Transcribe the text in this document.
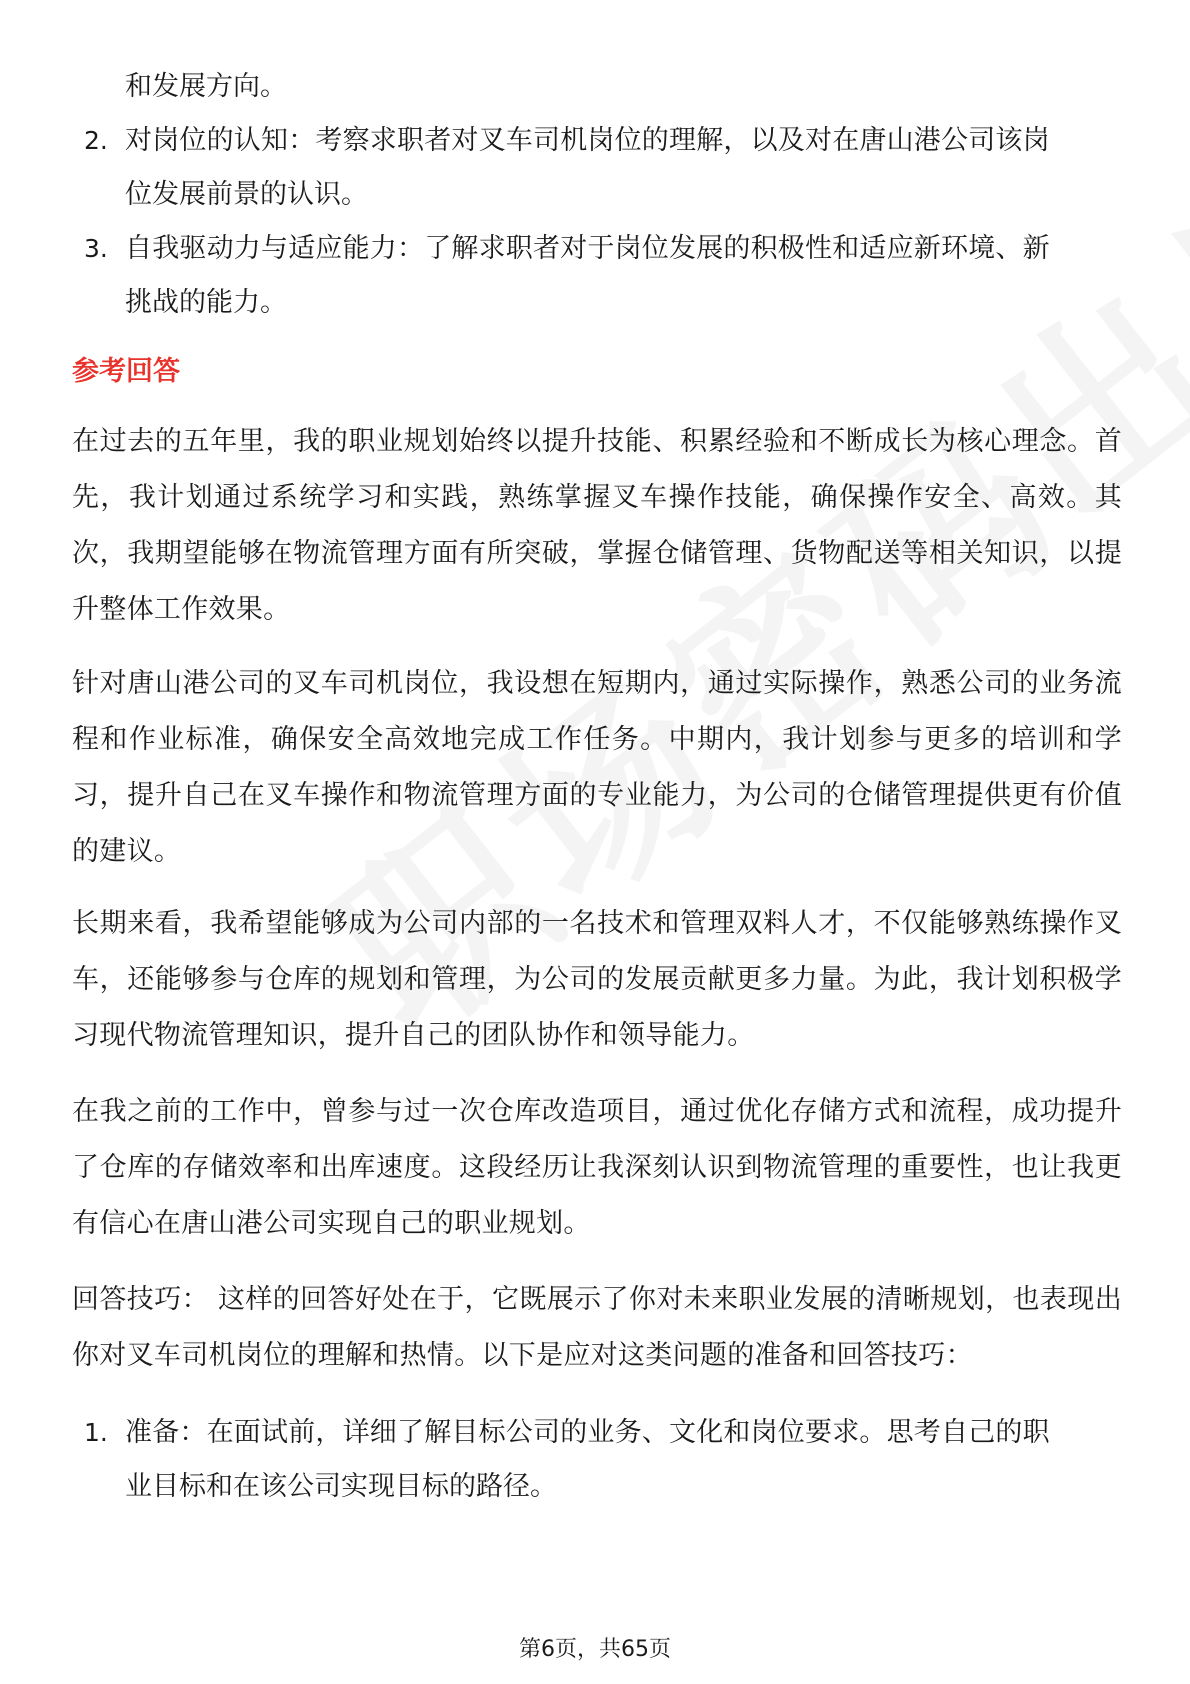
和发展方向。
2. 对岗位的认知：考察求职者对叉车司机岗位的理解，以及对在唐山港公司该岗
位发展前景的认识。
3. 自我驱动力与适应能力：了解求职者对于岗位发展的积极性和适应新环境、新
挑战的能力。
参考回答
在过去的五年里，我的职业规划始终以提升技能、积累经验和不断成长为核心理念。首先，我计划通过系统学习和实践，熟练掌握叉车操作技能，确保操作安全、高效。其次，我期望能够在物流管理方面有所突破，掌握仓储管理、货物配送等相关知识，以提升整体工作效果。
针对唐山港公司的叉车司机岗位，我设想在短期内，通过实际操作，熟悉公司的业务流程和作业标准，确保安全高效地完成工作任务。中期内，我计划参与更多的培训和学习，提升自己在叉车操作和物流管理方面的专业能力，为公司的仓储管理提供更有价值的建议。
长期来看，我希望能够成为公司内部的一名技术和管理双料人才，不仅能够熟练操作叉车，还能够参与仓库的规划和管理，为公司的发展贡献更多力量。为此，我计划积极学习现代物流管理知识，提升自己的团队协作和领导能力。
在我之前的工作中，曾参与过一次仓库改造项目，通过优化存储方式和流程，成功提升了仓库的存储效率和出库速度。这段经历让我深刻认识到物流管理的重要性，也让我更有信心在唐山港公司实现自己的职业规划。
回答技巧： 这样的回答好处在于，它既展示了你对未来职业发展的清晰规划，也表现出你对叉车司机岗位的理解和热情。以下是应对这类问题的准备和回答技巧：
1. 准备：在面试前，详细了解目标公司的业务、文化和岗位要求。思考自己的职
业目标和在该公司实现目标的路径。
第6页，共65页
